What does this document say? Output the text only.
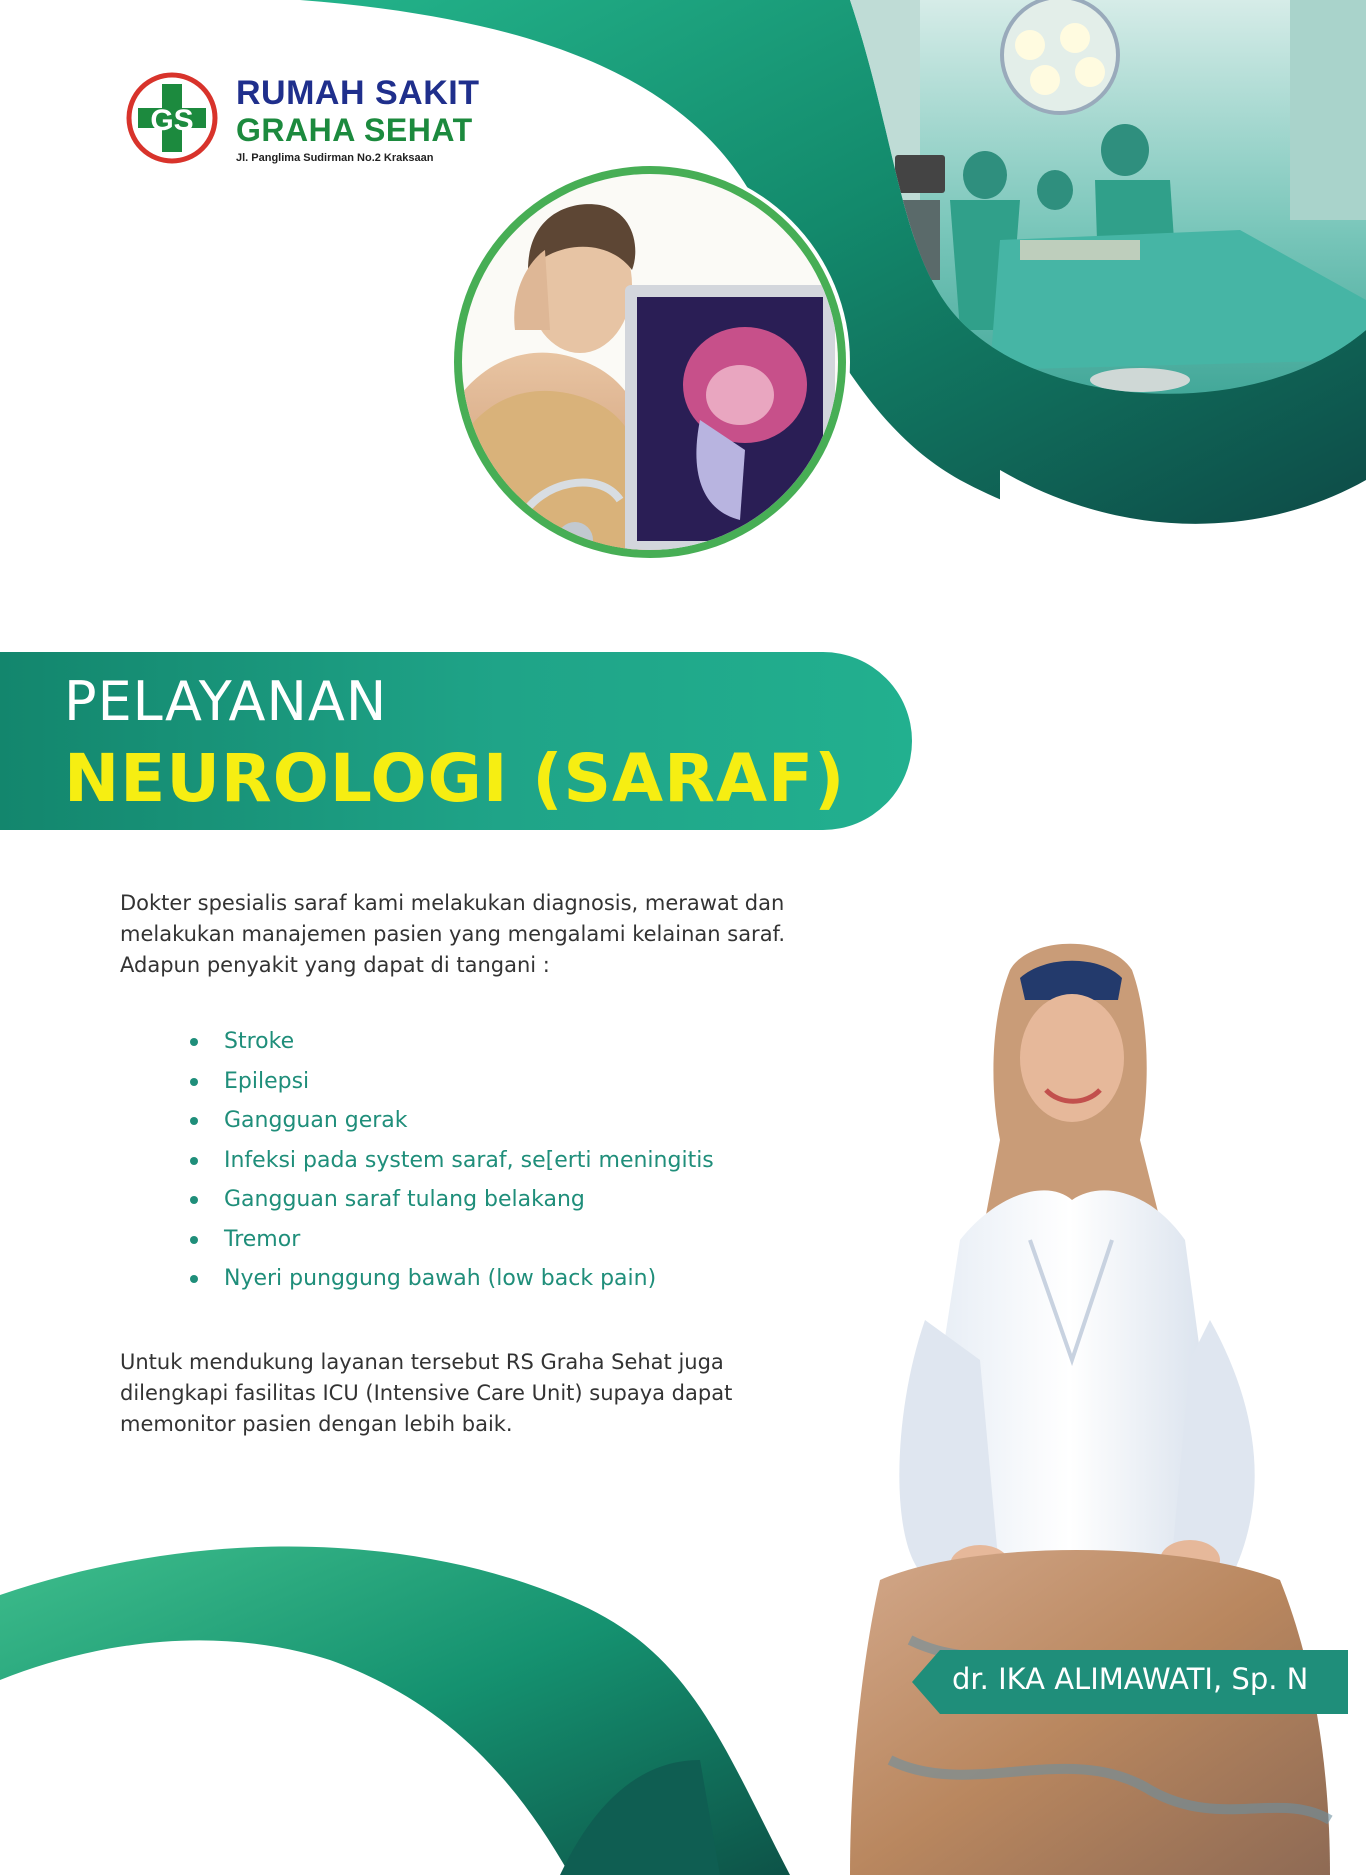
GS
RUMAH SAKIT
GRAHA SEHAT
Jl. Panglima Sudirman No.2 Kraksaan
PELAYANAN
NEUROLOGI (SARAF)
Dokter spesialis saraf kami melakukan diagnosis, merawat dan melakukan manajemen pasien yang mengalami kelainan saraf. Adapun penyakit yang dapat di tangani :
Stroke
Epilepsi
Gangguan gerak
Infeksi pada system saraf, se[erti meningitis
Gangguan saraf tulang belakang
Tremor
Nyeri punggung bawah (low back pain)
Untuk mendukung layanan tersebut RS Graha Sehat juga dilengkapi fasilitas ICU (Intensive Care Unit) supaya dapat memonitor pasien dengan lebih baik.
dr. IKA ALIMAWATI, Sp. N
